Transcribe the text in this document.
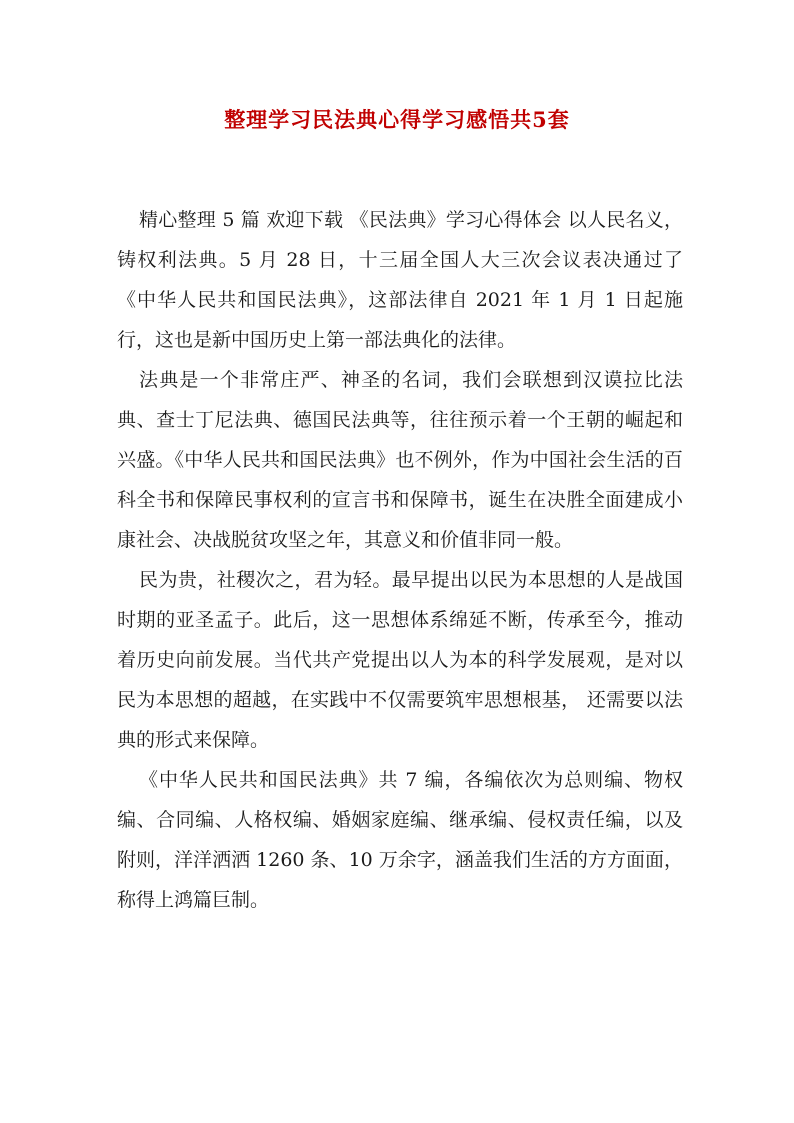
整理学习民法典心得学习感悟共5套

精心整理 5 篇 欢迎下载 《民法典》学习心得体会 以人民名义，铸权利法典。5 月 28 日，十三届全国人大三次会议表决通过了《中华人民共和国民法典》，这部法律自 2021 年 1 月 1 日起施行，这也是新中国历史上第一部法典化的法律。

法典是一个非常庄严、神圣的名词，我们会联想到汉谟拉比法典、查士丁尼法典、德国民法典等，往往预示着一个王朝的崛起和兴盛。《中华人民共和国民法典》也不例外，作为中国社会生活的百科全书和保障民事权利的宣言书和保障书，诞生在决胜全面建成小康社会、决战脱贫攻坚之年，其意义和价值非同一般。

民为贵，社稷次之，君为轻。最早提出以民为本思想的人是战国时期的亚圣孟子。此后，这一思想体系绵延不断，传承至今，推动着历史向前发展。当代共产党提出以人为本的科学发展观，是对以民为本思想的超越，在实践中不仅需要筑牢思想根基， 还需要以法典的形式来保障。

《中华人民共和国民法典》共 7 编，各编依次为总则编、物权编、合同编、人格权编、婚姻家庭编、继承编、侵权责任编，以及附则，洋洋洒洒 1260 条、10 万余字，涵盖我们生活的方方面面，称得上鸿篇巨制。
